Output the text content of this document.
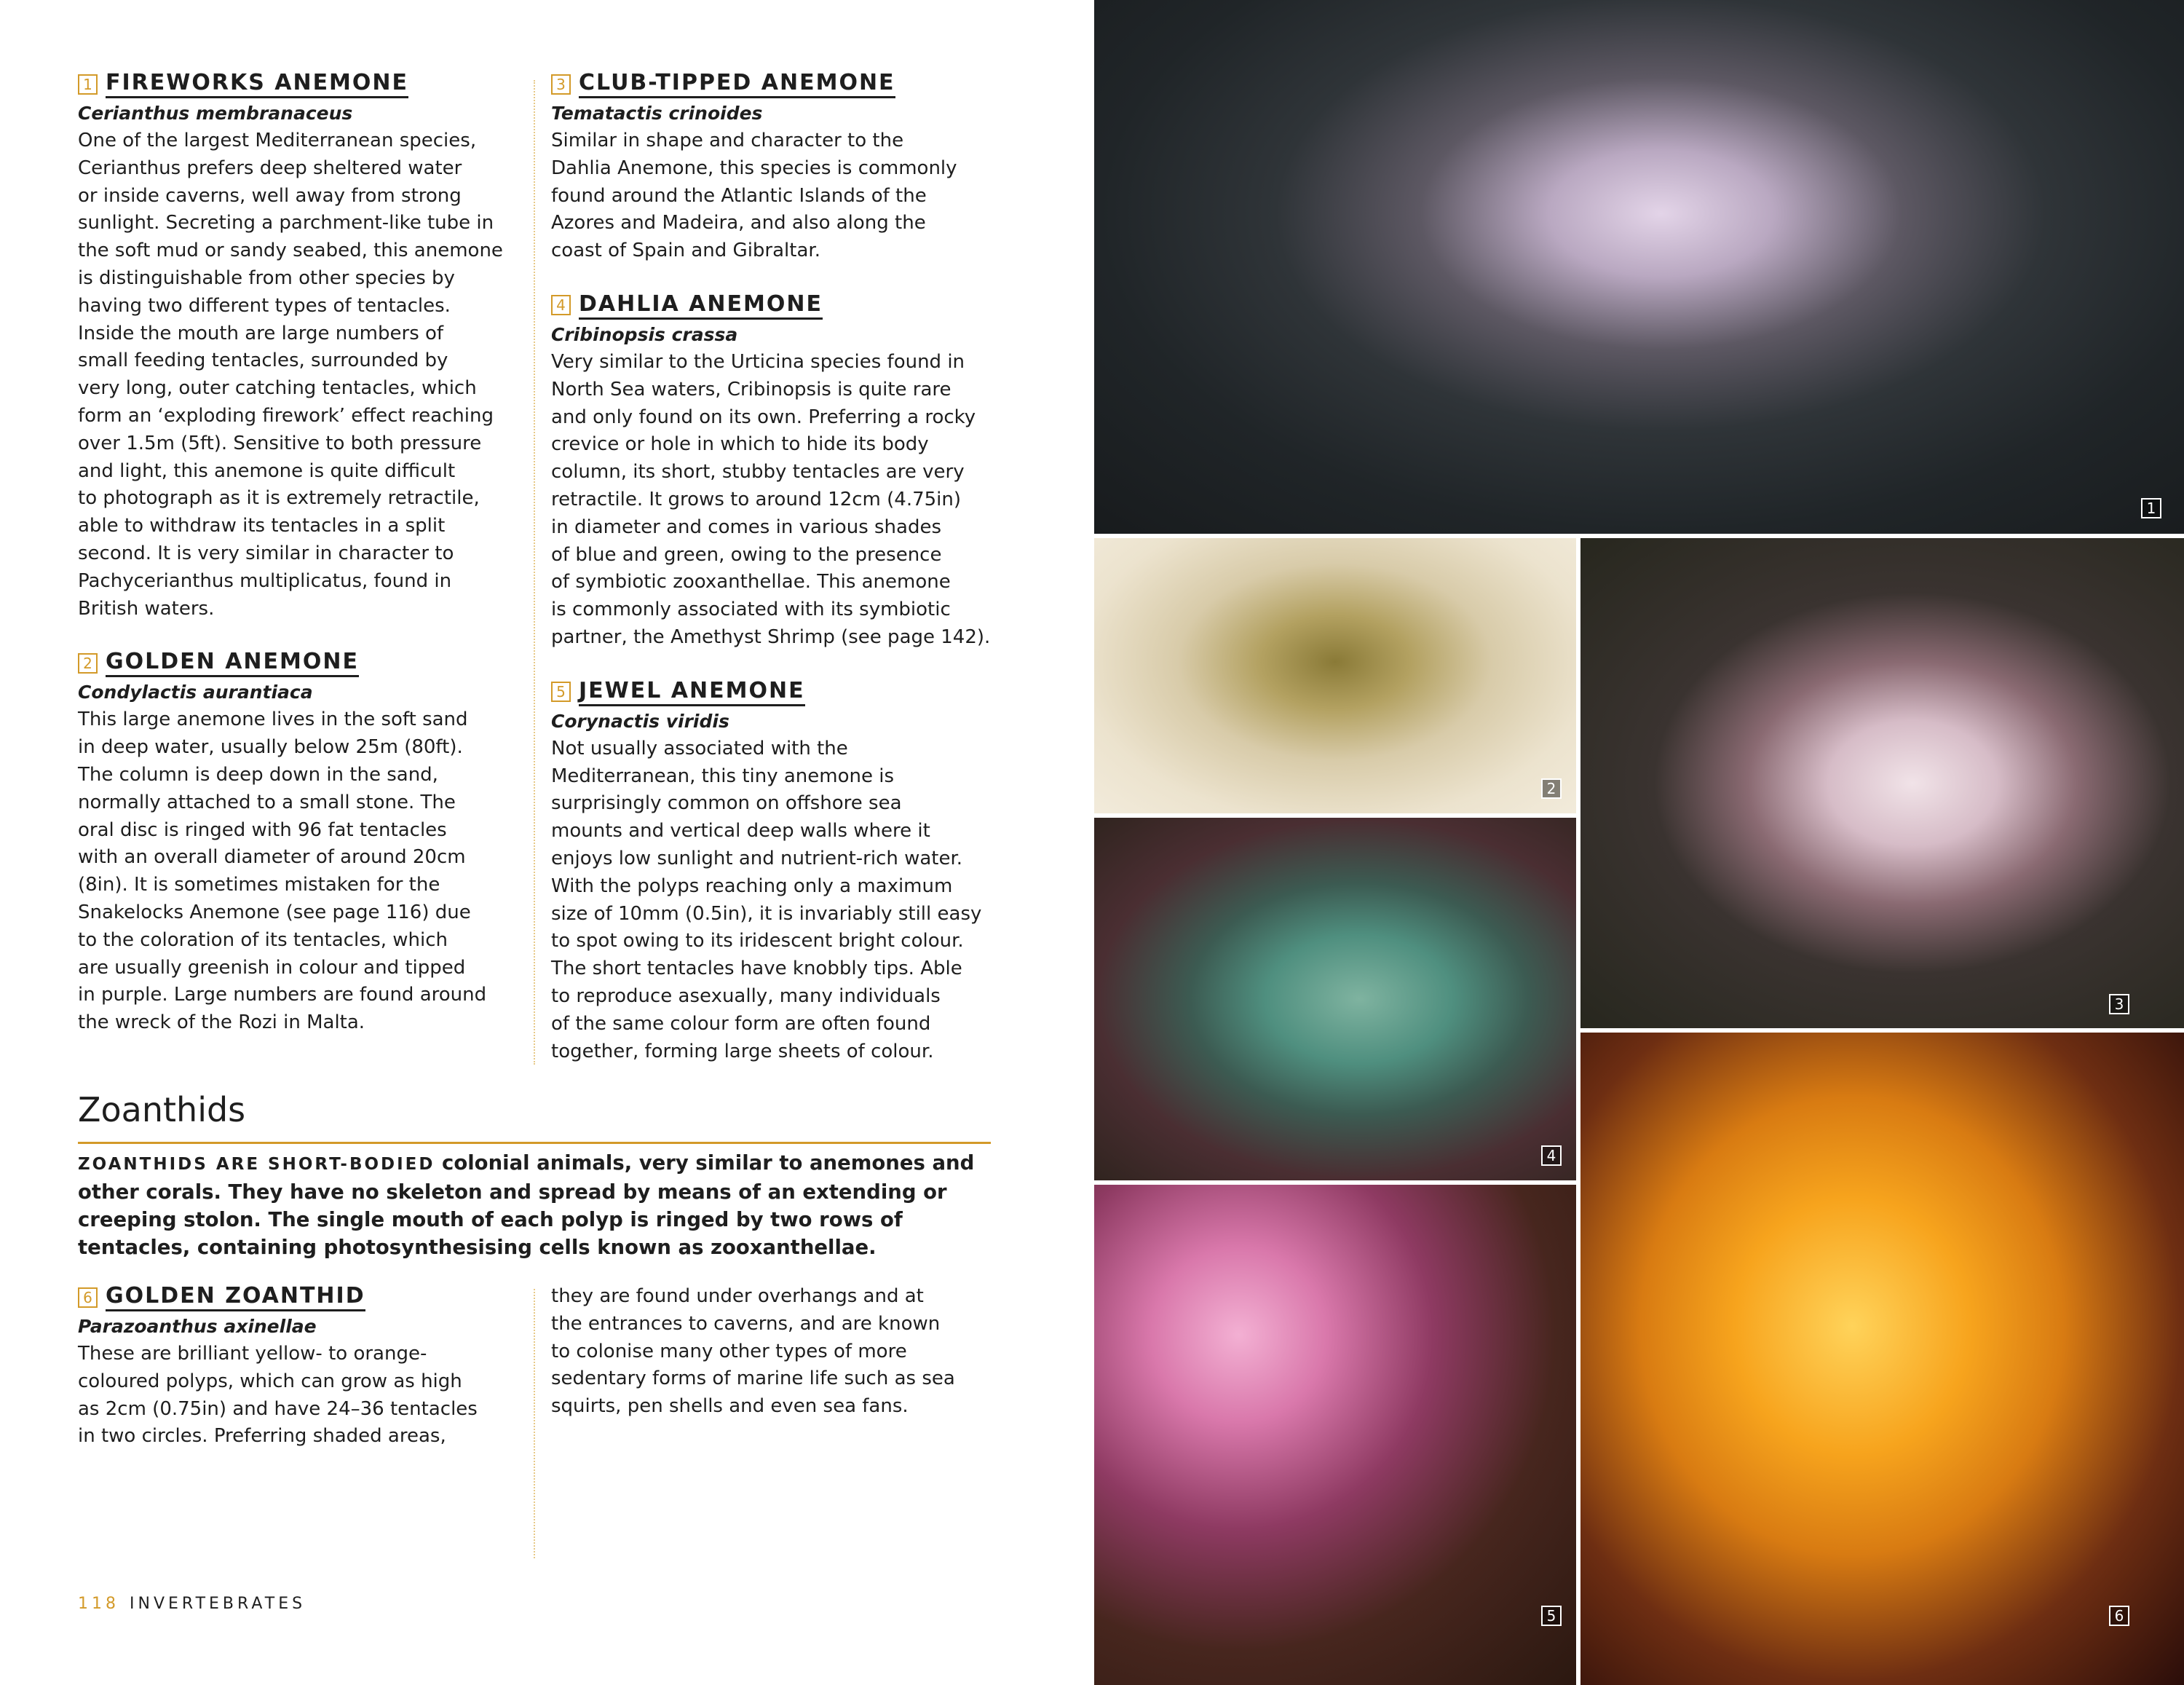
1 FIREWORKS ANEMONE
Cerianthus membranaceus
One of the largest Mediterranean species,
Cerianthus prefers deep sheltered water
or inside caverns, well away from strong
sunlight. Secreting a parchment-like tube in
the soft mud or sandy seabed, this anemone
is distinguishable from other species by
having two different types of tentacles.
Inside the mouth are large numbers of
small feeding tentacles, surrounded by
very long, outer catching tentacles, which
form an ‘exploding firework’ effect reaching
over 1.5m (5ft). Sensitive to both pressure
and light, this anemone is quite difficult
to photograph as it is extremely retractile,
able to withdraw its tentacles in a split
second. It is very similar in character to
Pachycerianthus multiplicatus, found in
British waters.
2 GOLDEN ANEMONE
Condylactis aurantiaca
This large anemone lives in the soft sand
in deep water, usually below 25m (80ft).
The column is deep down in the sand,
normally attached to a small stone. The
oral disc is ringed with 96 fat tentacles
with an overall diameter of around 20cm
(8in). It is sometimes mistaken for the
Snakelocks Anemone (see page 116) due
to the coloration of its tentacles, which
are usually greenish in colour and tipped
in purple. Large numbers are found around
the wreck of the Rozi in Malta.
3 CLUB-TIPPED ANEMONE
Tematactis crinoides
Similar in shape and character to the
Dahlia Anemone, this species is commonly
found around the Atlantic Islands of the
Azores and Madeira, and also along the
coast of Spain and Gibraltar.
4 DAHLIA ANEMONE
Cribinopsis crassa
Very similar to the Urticina species found in
North Sea waters, Cribinopsis is quite rare
and only found on its own. Preferring a rocky
crevice or hole in which to hide its body
column, its short, stubby tentacles are very
retractile. It grows to around 12cm (4.75in)
in diameter and comes in various shades
of blue and green, owing to the presence
of symbiotic zooxanthellae. This anemone
is commonly associated with its symbiotic
partner, the Amethyst Shrimp (see page 142).
5 JEWEL ANEMONE
Corynactis viridis
Not usually associated with the
Mediterranean, this tiny anemone is
surprisingly common on offshore sea
mounts and vertical deep walls where it
enjoys low sunlight and nutrient-rich water.
With the polyps reaching only a maximum
size of 10mm (0.5in), it is invariably still easy
to spot owing to its iridescent bright colour.
The short tentacles have knobbly tips. Able
to reproduce asexually, many individuals
of the same colour form are often found
together, forming large sheets of colour.
Zoanthids
ZOANTHIDS ARE SHORT-BODIED colonial animals, very similar to anemones and other corals. They have no skeleton and spread by means of an extending or creeping stolon. The single mouth of each polyp is ringed by two rows of tentacles, containing photosynthesising cells known as zooxanthellae.
6 GOLDEN ZOANTHID
Parazoanthus axinellae
These are brilliant yellow- to orange-
coloured polyps, which can grow as high
as 2cm (0.75in) and have 24–36 tentacles
in two circles. Preferring shaded areas,
they are found under overhangs and at
the entrances to caverns, and are known
to colonise many other types of more
sedentary forms of marine life such as sea
squirts, pen shells and even sea fans.
118 INVERTEBRATES
1
2
3
4
5	6
